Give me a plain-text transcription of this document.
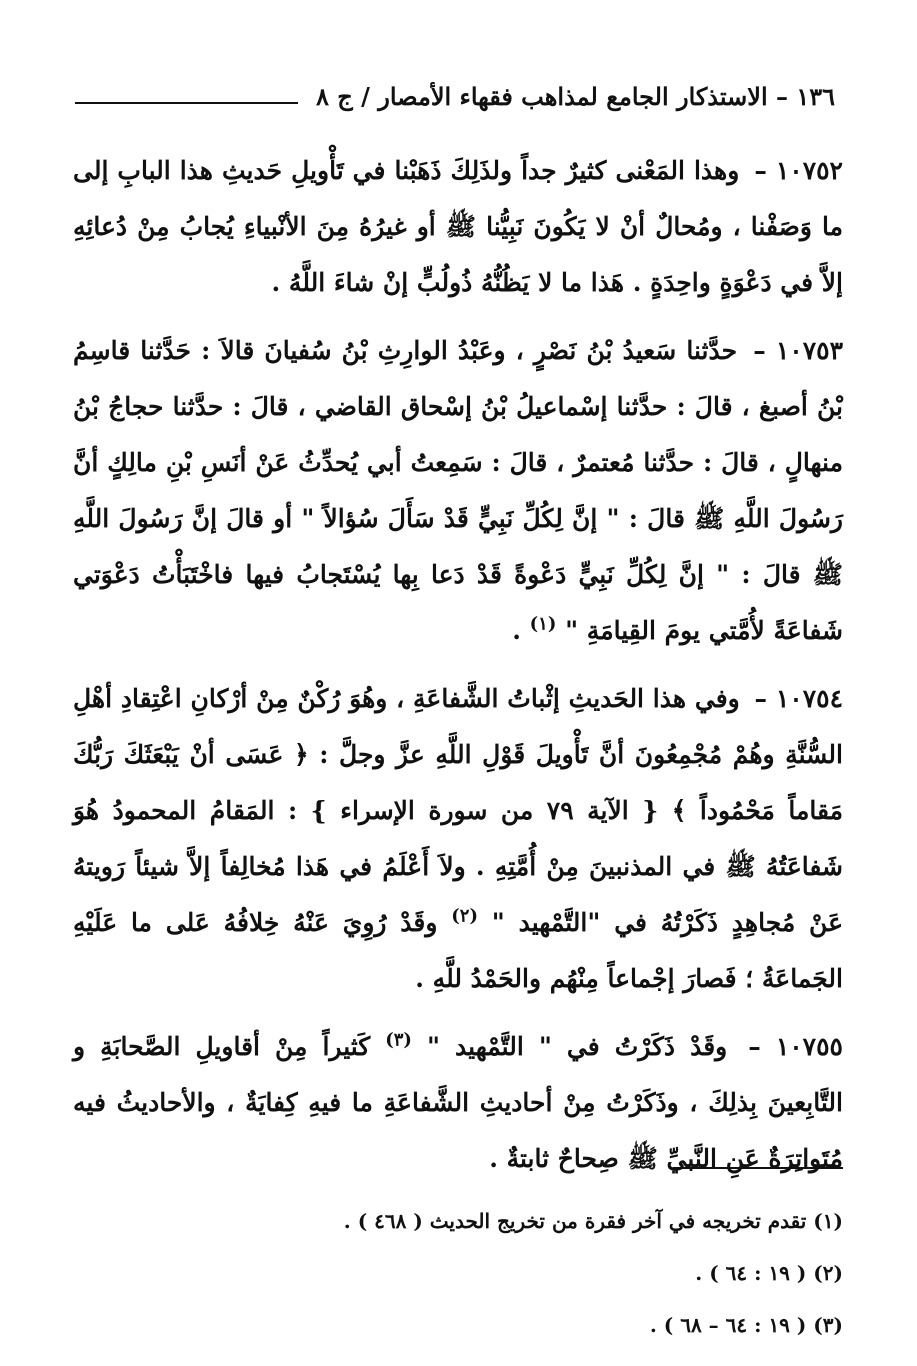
١٣٦ – الاستذكار الجامع لمذاهب فقهاء الأمصار / ج ٨

١٠٧٥٢ – وهذا المَعْنى كثيرٌ جداً ولذَلِكَ ذَهَبْنا في تَأْويلِ حَديثِ هذا البابِ إلى ما وَصَفْنا ، ومُحالٌ أنْ لا يَكُونَ نَبِيُّنا ﷺ أو غيرُهُ مِنَ الأنْبياءِ يُجابُ مِنْ دُعائِهِ إلاَّ في دَعْوَةٍ واحِدَةٍ . هَذا ما لا يَظُنُّهُ ذُولُبٍّ إنْ شاءَ اللَّهُ .

١٠٧٥٣ – حدَّثنا سَعيدُ بْنُ نَصْرٍ ، وعَبْدُ الوارِثِ بْنُ سُفيانَ قالاَ : حَدَّثنا قاسِمُ بْنُ أصبغ ، قالَ : حدَّثنا إسْماعيلُ بْنُ إسْحاق القاضي ، قالَ : حدَّثنا حجاجُ بْنُ منهالٍ ، قالَ : حدَّثنا مُعتمرٌ ، قالَ : سَمِعتُ أبي يُحدِّثُ عَنْ أنَسِ بْنِ مالِكٍ أنَّ رَسُولَ اللَّهِ ﷺ قالَ : " إنَّ لِكُلِّ نَبِيٍّ قَدْ سَأَلَ سُؤالاً " أو قالَ إنَّ رَسُولَ اللَّهِ ﷺ قالَ : " إنَّ لِكُلِّ نَبِيٍّ دَعْوةً قَدْ دَعا بِها يُسْتَجابُ فيها فاخْتَبَأْتُ دَعْوَتي شَفاعَةً لأُمَّتي يومَ القِيامَةِ " $^{(١)}$ .

١٠٧٥٤ – وفي هذا الحَديثِ إثْباتُ الشَّفاعَةِ ، وهُوَ رُكْنٌ مِنْ أرْكانِ اعْتِقادِ أهْلِ السُّنَّةِ وهُمْ مُجْمِعُونَ أنَّ تَأْويلَ قَوْلِ اللَّهِ عزَّ وجلَّ : ﴿ عَسَى أنْ يَبْعَثَكَ رَبُّكَ مَقاماً مَحْمُوداً ﴾ { الآية ٧٩ من سورة الإسراء } : المَقامُ المحمودُ هُوَ شَفاعَتُهُ ﷺ في المذنبينَ مِنْ أُمَّتِهِ . ولاَ أَعْلَمُ في هَذا مُخالِفاً إلاَّ شيئاً رَويتهُ عَنْ مُجاهِدٍ ذَكَرْتُهُ في "التَّمْهيد " $^{(٢)}$ وقَدْ رُوِيَ عَنْهُ خِلافُهُ عَلى ما عَلَيْهِ الجَماعَةُ ؛ فَصارَ إجْماعاً مِنْهُم والحَمْدُ للَّهِ .

١٠٧٥٥ – وقَدْ ذَكَرْتُ في " التَّمْهيد " $^{(٣)}$ كَثيراً مِنْ أقاويلِ الصَّحابَةِ و التَّابِعينَ بِذلِكَ ، وذَكَرْتُ مِنْ أحاديثِ الشَّفاعَةِ ما فيهِ كِفايَةٌ ، والأحاديثُ فيه مُتَواتِرَةٌ عَنِ النَّبيِّ ﷺ صِحاحٌ ثابتةٌ .

(١) تقدم تخريجه في آخر فقرة من تخريج الحديث ( ٤٦٨ ) .

(٢) ( ١٩ : ٦٤ ) .

(٣) ( ١٩ : ٦٤ – ٦٨ ) .
